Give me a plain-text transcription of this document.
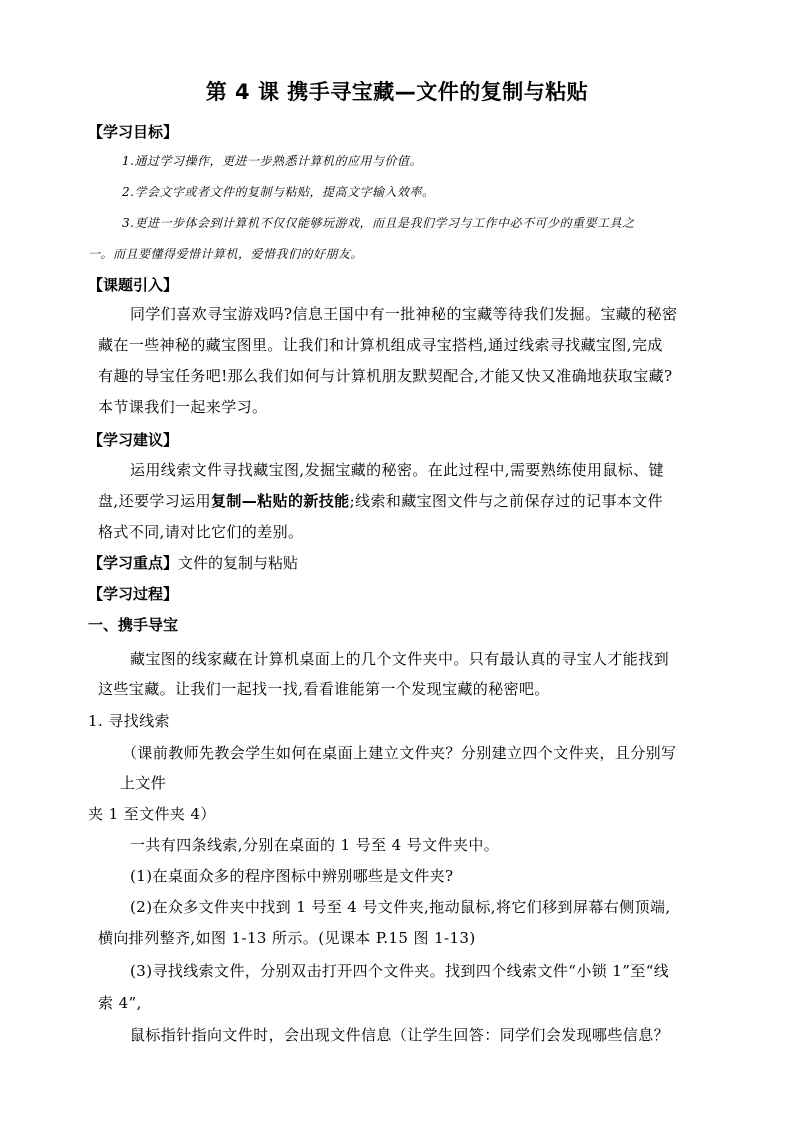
第 4 课 携手寻宝藏—文件的复制与粘贴
【学习目标】
1.通过学习操作，更进一步熟悉计算机的应用与价值。
2.学会文字或者文件的复制与粘贴，提高文字输入效率。
3.更进一步体会到计算机不仅仅能够玩游戏，而且是我们学习与工作中必不可少的重要工具之
一。而且要懂得爱惜计算机，爱惜我们的好朋友。
【课题引入】
同学们喜欢寻宝游戏吗?信息王国中有一批神秘的宝藏等待我们发掘。宝藏的秘密
藏在一些神秘的藏宝图里。让我们和计算机组成寻宝搭档,通过线索寻找藏宝图,完成
有趣的导宝任务吧!那么我们如何与计算机朋友默契配合,才能又快又准确地获取宝藏?
本节课我们一起来学习。
【学习建议】
运用线索文件寻找藏宝图,发掘宝藏的秘密。在此过程中,需要熟练使用鼠标、键
盘,还要学习运用复制—粘贴的新技能;线索和藏宝图文件与之前保存过的记事本文件
格式不同,请对比它们的差别。
【学习重点】文件的复制与粘贴
【学习过程】
一、携手导宝
藏宝图的线家藏在计算机桌面上的几个文件夹中。只有最认真的寻宝人才能找到
这些宝藏。让我们一起找一找,看看谁能第一个发现宝藏的秘密吧。
1. 寻找线索
（课前教师先教会学生如何在桌面上建立文件夹？分别建立四个文件夹，且分别写
上文件
夹 1 至文件夹 4）
一共有四条线索,分别在桌面的 1 号至 4 号文件夹中。
(1)在桌面众多的程序图标中辨别哪些是文件夹?
(2)在众多文件夹中找到 1 号至 4 号文件夹,拖动鼠标,将它们移到屏幕右侧顶端,
横向排列整齐,如图 1-13 所示。(见课本 P.15 图 1-13)
(3)寻找线索文件，分别双击打开四个文件夹。找到四个线索文件“小锁 1”至“线
索 4”,
鼠标指针指向文件时，会出现文件信息（让学生回答：同学们会发现哪些信息？
